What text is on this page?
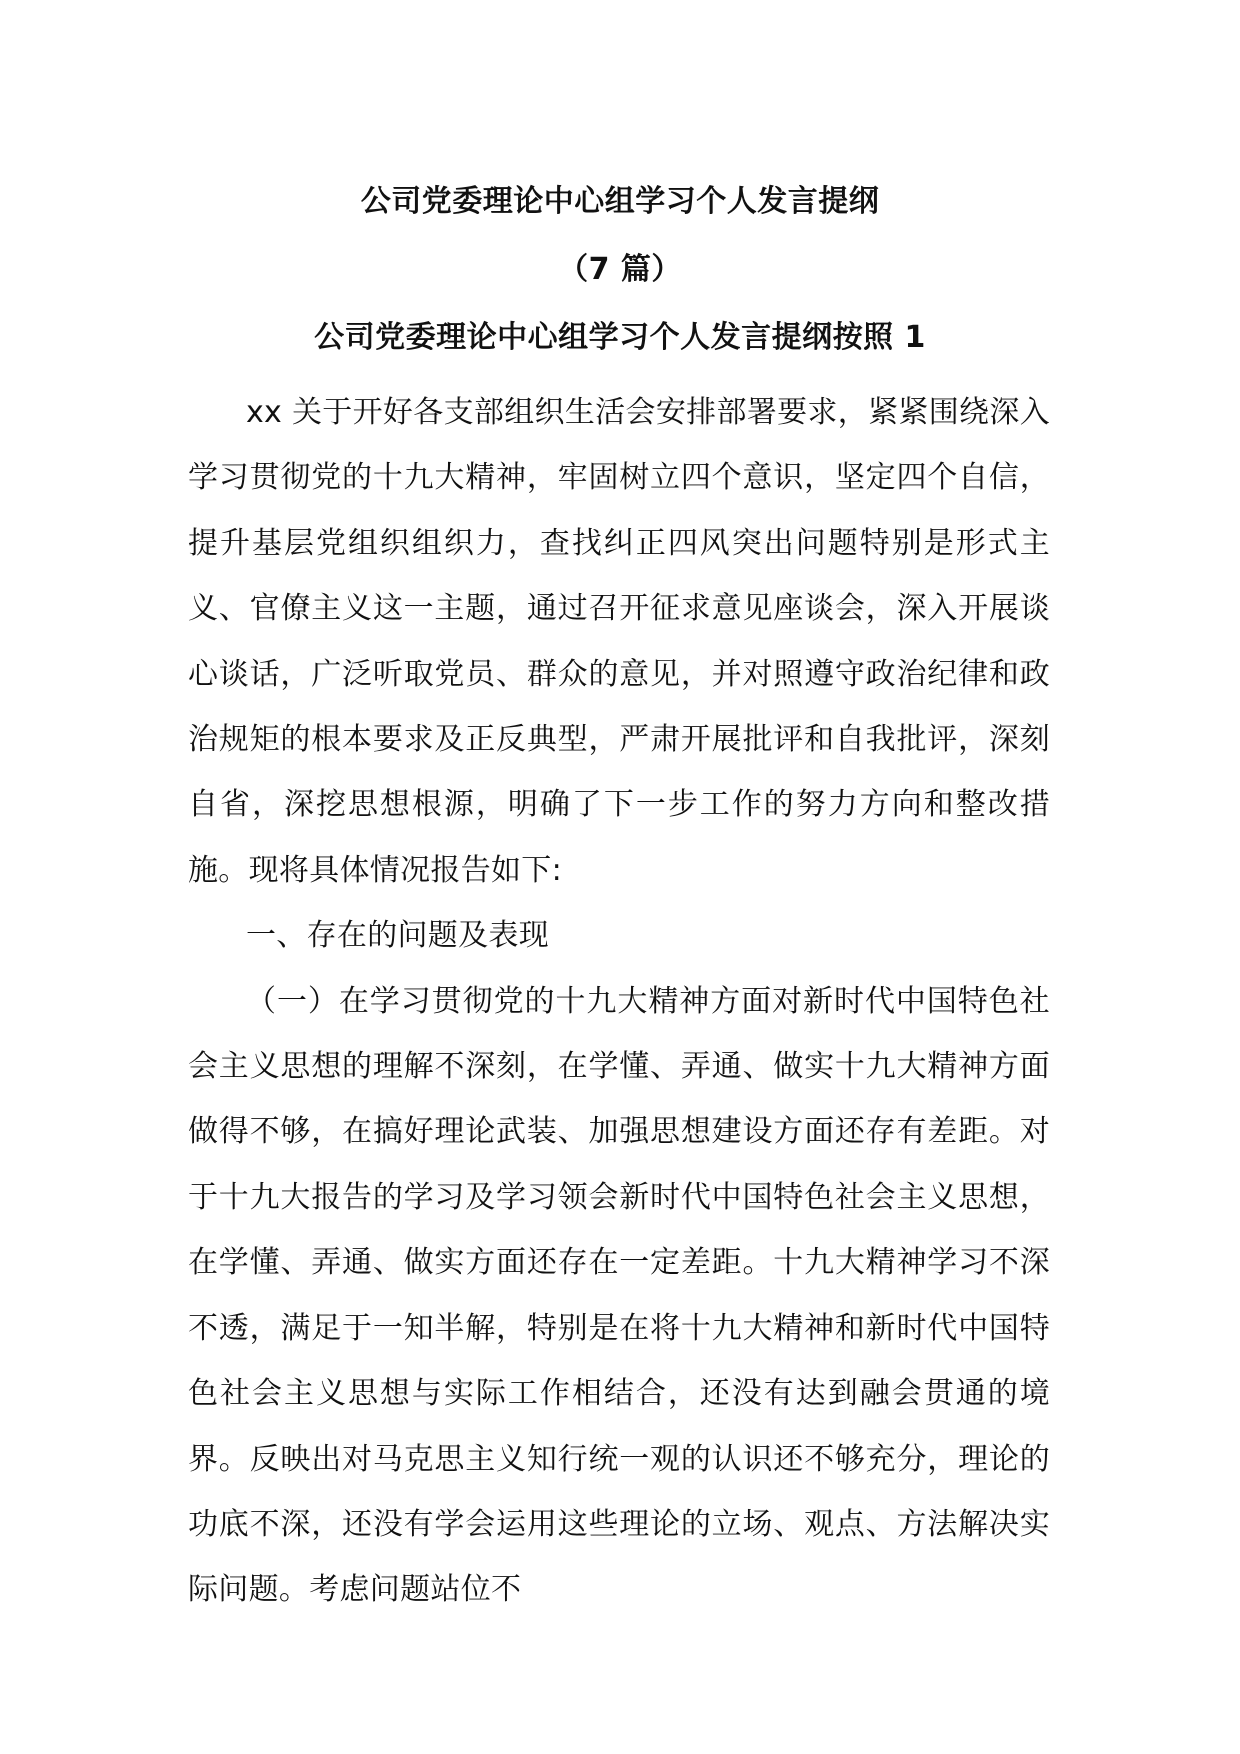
公司党委理论中心组学习个人发言提纲
（7 篇）
公司党委理论中心组学习个人发言提纲按照 1

xx 关于开好各支部组织生活会安排部署要求，紧紧围绕深入学习贯彻党的十九大精神，牢固树立四个意识，坚定四个自信，提升基层党组织组织力，查找纠正四风突出问题特别是形式主义、官僚主义这一主题，通过召开征求意见座谈会，深入开展谈心谈话，广泛听取党员、群众的意见，并对照遵守政治纪律和政治规矩的根本要求及正反典型，严肃开展批评和自我批评，深刻自省，深挖思想根源，明确了下一步工作的努力方向和整改措施。现将具体情况报告如下:

一、存在的问题及表现

（一）在学习贯彻党的十九大精神方面对新时代中国特色社会主义思想的理解不深刻，在学懂、弄通、做实十九大精神方面做得不够，在搞好理论武装、加强思想建设方面还存有差距。对于十九大报告的学习及学习领会新时代中国特色社会主义思想，在学懂、弄通、做实方面还存在一定差距。十九大精神学习不深不透，满足于一知半解，特别是在将十九大精神和新时代中国特色社会主义思想与实际工作相结合，还没有达到融会贯通的境界。反映出对马克思主义知行统一观的认识还不够充分，理论的功底不深，还没有学会运用这些理论的立场、观点、方法解决实际问题。考虑问题站位不
